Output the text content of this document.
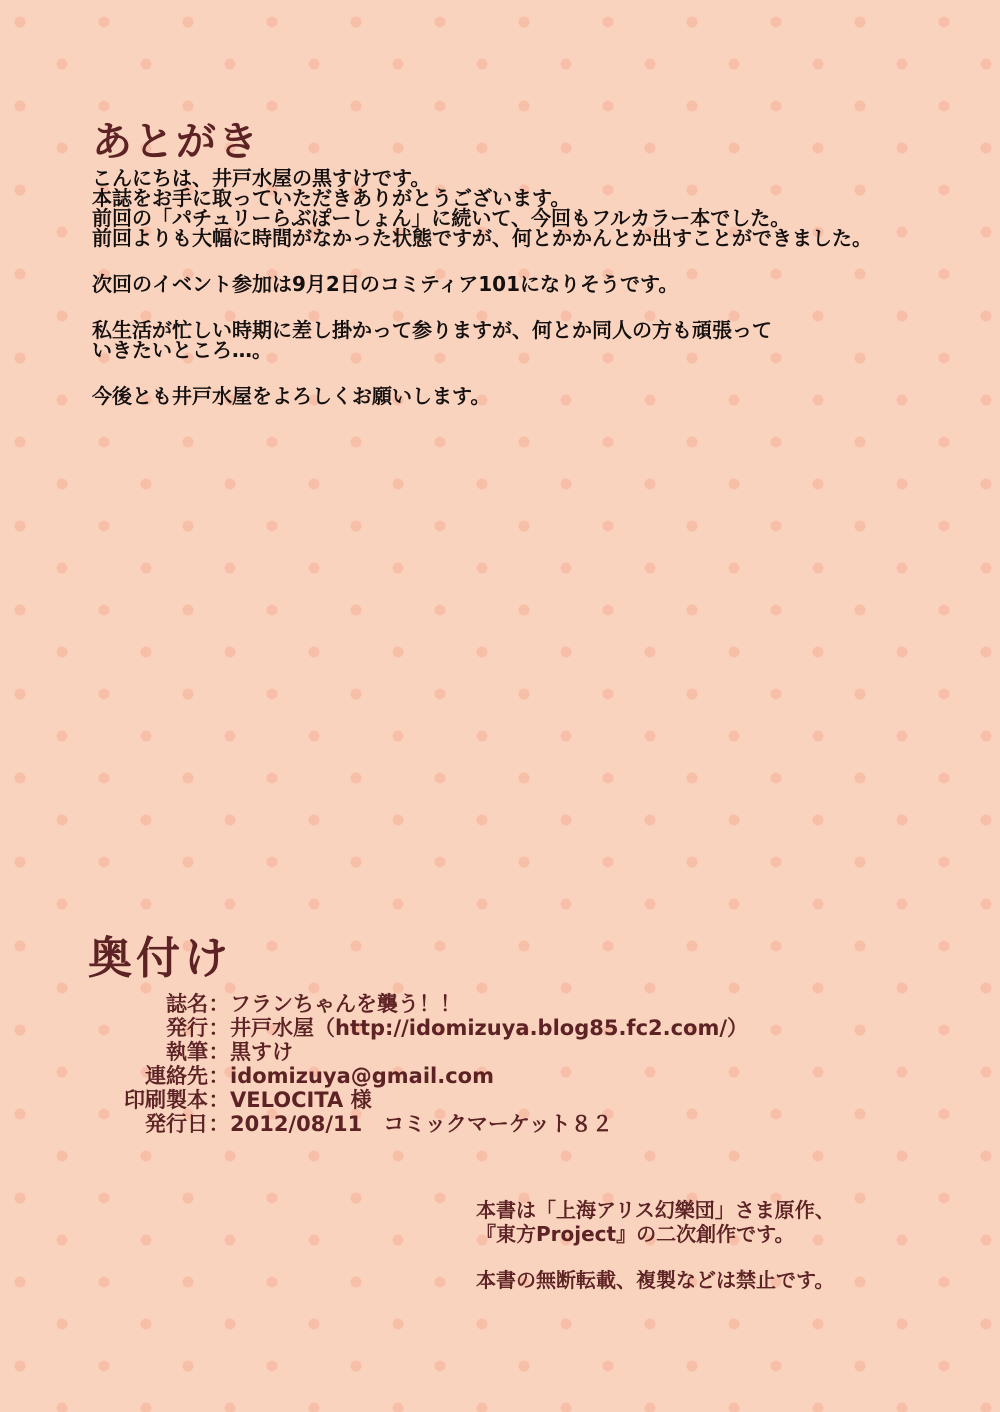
あとがき

こんにちは、井戸水屋の黒すけです。
本誌をお手に取っていただきありがとうございます。
前回の「パチュリーらぶぽーしょん」に続いて、今回もフルカラー本でした。
前回よりも大幅に時間がなかった状態ですが、何とかかんとか出すことができました。

次回のイベント参加は9月2日のコミティア101になりそうです。

私生活が忙しい時期に差し掛かって参りますが、何とか同人の方も頑張って
いきたいところ…。

今後とも井戸水屋をよろしくお願いします。

奥付け
誌名 ： フランちゃんを襲う！！
発行 ： 井戸水屋（http://idomizuya.blog85.fc2.com/）
執筆 ： 黒すけ
連絡先 ： idomizuya@gmail.com
印刷製本 ： VELOCITA 様
発行日 ： 2012/08/11　コミックマーケット８２
本書は「上海アリス幻樂団」さま原作、
『東方Project』の二次創作です。
本書の無断転載、複製などは禁止です。
